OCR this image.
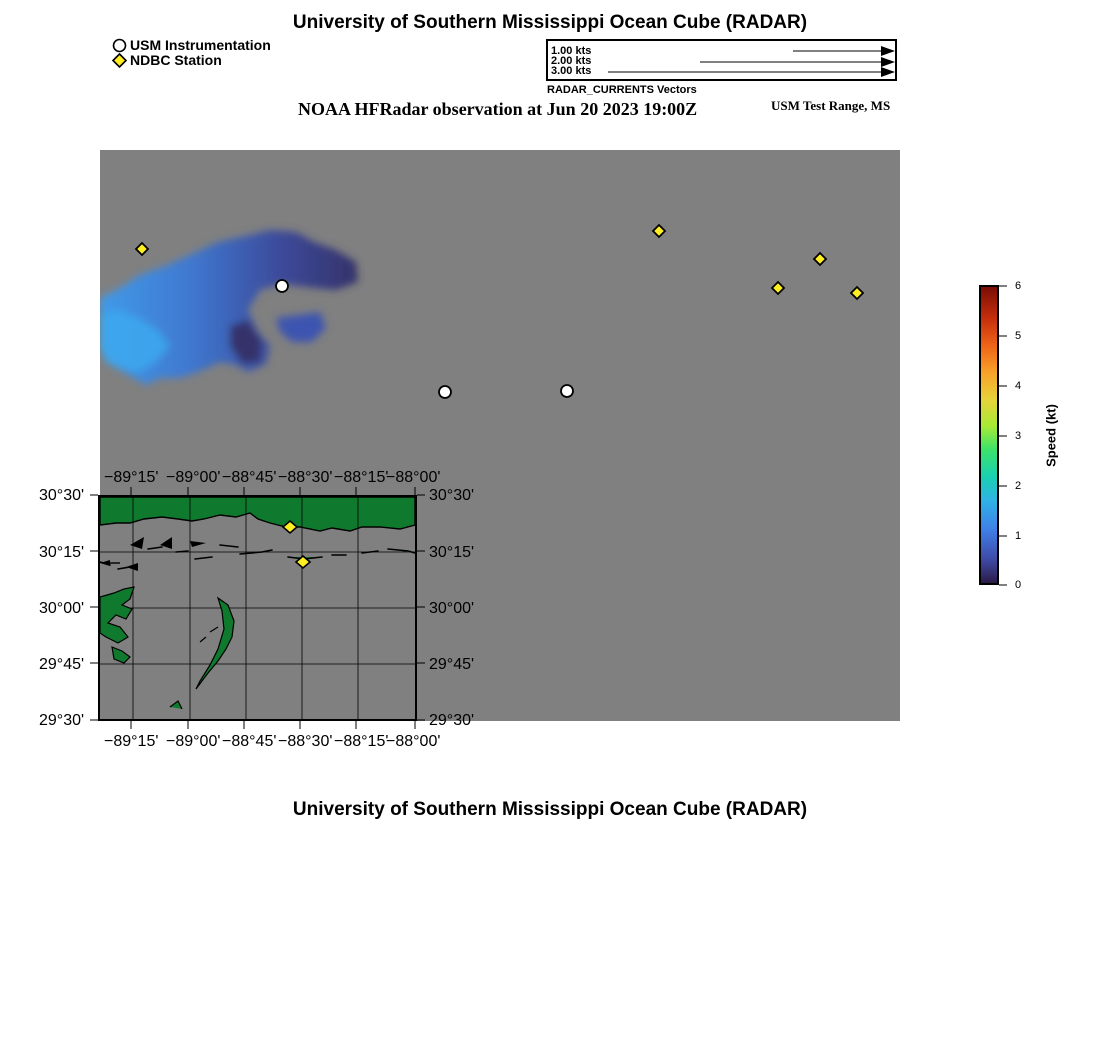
University of Southern Mississippi Ocean Cube (RADAR)
USM Instrumentation
NDBC Station
1.00 kts
2.00 kts
3.00 kts
RADAR_CURRENTS Vectors
NOAA HFRadar observation at Jun 20 2023 19:00Z	USM Test Range, MS
−89°15' −89°00' −88°45' −88°30' −88°15'
−88°00'
−89°15' −89°00' −88°45' −88°30' −88°15'
−88°00'
30°30'
30°15'
30°00'
29°45'
29°30'
30°30'
30°15'
30°00'
29°45'
29°30'
6
5
4
3
2
1
0
Speed (kt)
University of Southern Mississippi Ocean Cube (RADAR)
